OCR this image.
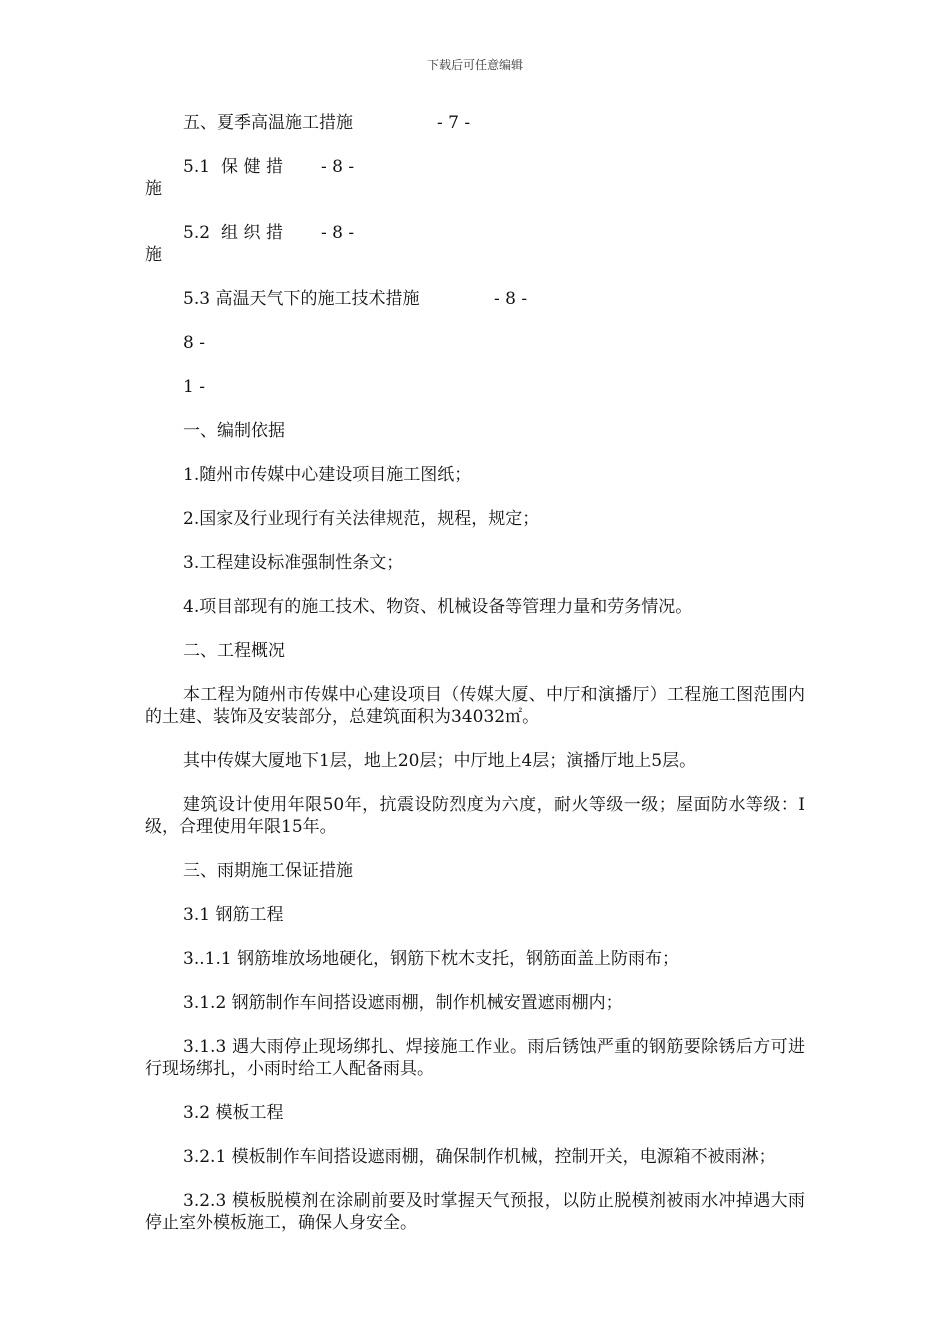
下载后可任意编辑
五、夏季高温施工措施	- 7 -
5.1 保健措施
- 8 -
5.2 组织措施
- 8 -
5.3 高温天气下的施工技术措施	- 8 -

8 -

1 -

一、编制依据

1.随州市传媒中心建设项目施工图纸；

2.国家及行业现行有关法律规范，规程，规定；

3.工程建设标准强制性条文；

4.项目部现有的施工技术、物资、机械设备等管理力量和劳务情况。

二、工程概况

本工程为随州市传媒中心建设项目（传媒大厦、中厅和演播厅）工程施工图范围内的土建、装饰及安装部分，总建筑面积为34032㎡。

其中传媒大厦地下1层，地上20层；中厅地上4层；演播厅地上5层。

建筑设计使用年限50年，抗震设防烈度为六度，耐火等级一级；屋面防水等级：I级，合理使用年限15年。

三、雨期施工保证措施

3.1 钢筋工程

3..1.1 钢筋堆放场地硬化，钢筋下枕木支托，钢筋面盖上防雨布；

3.1.2 钢筋制作车间搭设遮雨棚，制作机械安置遮雨棚内；

3.1.3 遇大雨停止现场绑扎、焊接施工作业。雨后锈蚀严重的钢筋要除锈后方可进行现场绑扎，小雨时给工人配备雨具。

3.2 模板工程

3.2.1 模板制作车间搭设遮雨棚，确保制作机械，控制开关，电源箱不被雨淋；

3.2.3 模板脱模剂在涂刷前要及时掌握天气预报，以防止脱模剂被雨水冲掉遇大雨停止室外模板施工，确保人身安全。
